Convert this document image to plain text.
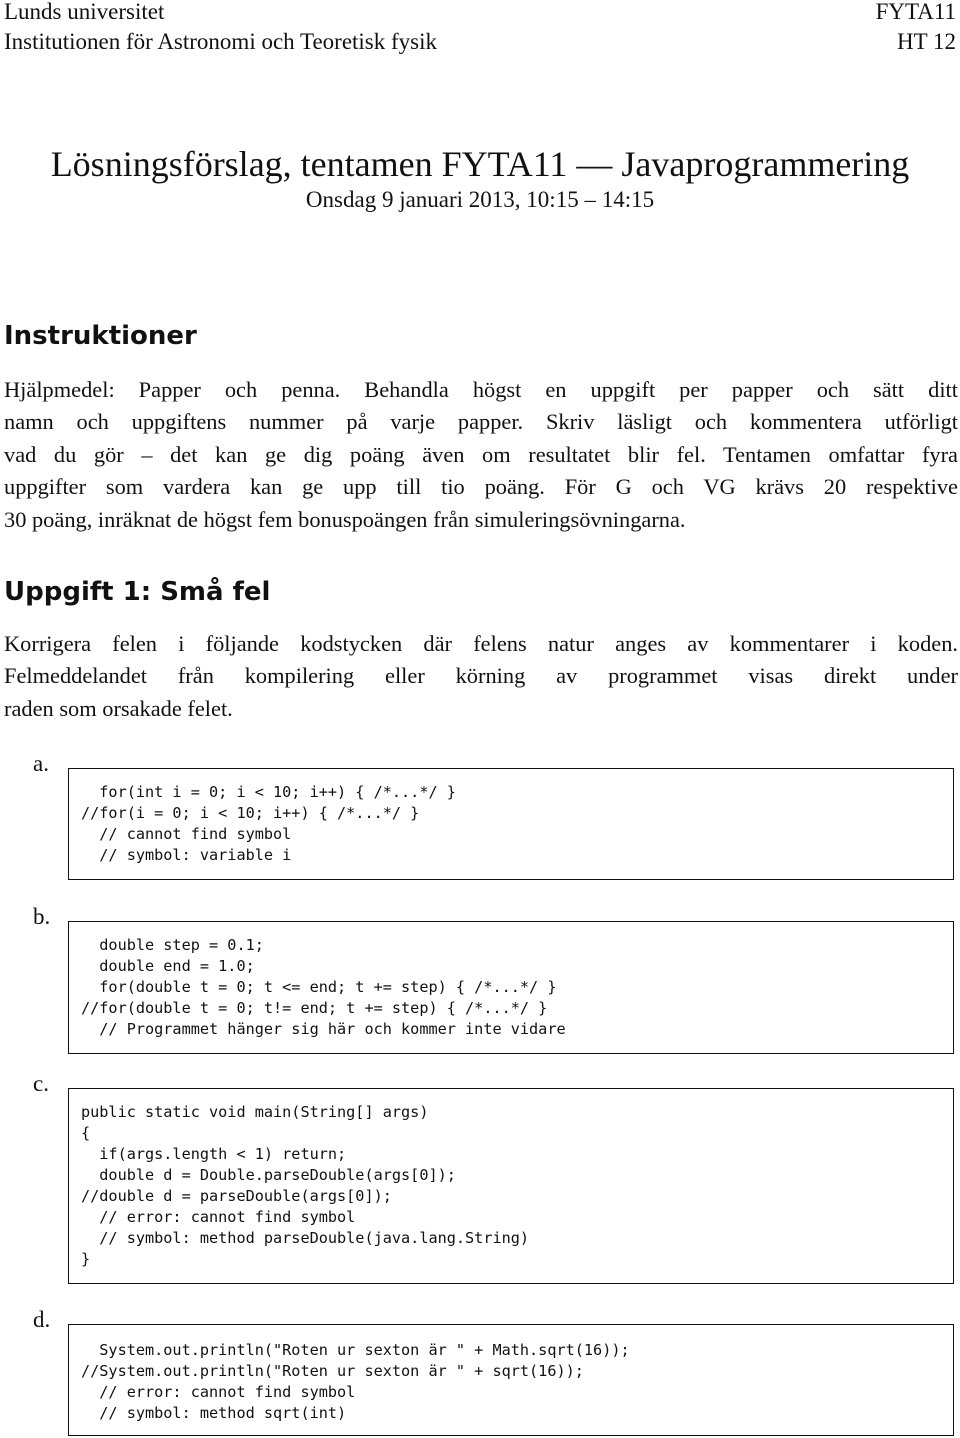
Lunds universitet
Institutionen för Astronomi och Teoretisk fysik
FYTA11
HT 12
Lösningsförslag, tentamen FYTA11 — Javaprogrammering
Onsdag 9 januari 2013, 10:15 – 14:15
Instruktioner
Hjälpmedel: Papper och penna. Behandla högst en uppgift per papper och sätt ditt
namn och uppgiftens nummer på varje papper. Skriv läsligt och kommentera utförligt
vad du gör – det kan ge dig poäng även om resultatet blir fel. Tentamen omfattar fyra
uppgifter som vardera kan ge upp till tio poäng. För G och VG krävs 20 respektive
30 poäng, inräknat de högst fem bonuspoängen från simuleringsövningarna.
Uppgift 1: Små fel
Korrigera felen i följande kodstycken där felens natur anges av kommentarer i koden.
Felmeddelandet från kompilering eller körning av programmet visas direkt under
raden som orsakade felet.
a.
for(int i = 0; i < 10; i++) { /*...*/ }
//for(i = 0; i < 10; i++) { /*...*/ }
// cannot find symbol
// symbol: variable i
b.
double step = 0.1;
double end = 1.0;
for(double t = 0; t <= end; t += step) { /*...*/ }
//for(double t = 0; t!= end; t += step) { /*...*/ }
// Programmet hänger sig här och kommer inte vidare
c.
public static void main(String[] args)
{
if(args.length < 1) return;
double d = Double.parseDouble(args[0]);
//double d = parseDouble(args[0]);
// error: cannot find symbol
// symbol: method parseDouble(java.lang.String)
}
d.
System.out.println("Roten ur sexton är " + Math.sqrt(16));
//System.out.println("Roten ur sexton är " + sqrt(16));
// error: cannot find symbol
// symbol: method sqrt(int)
